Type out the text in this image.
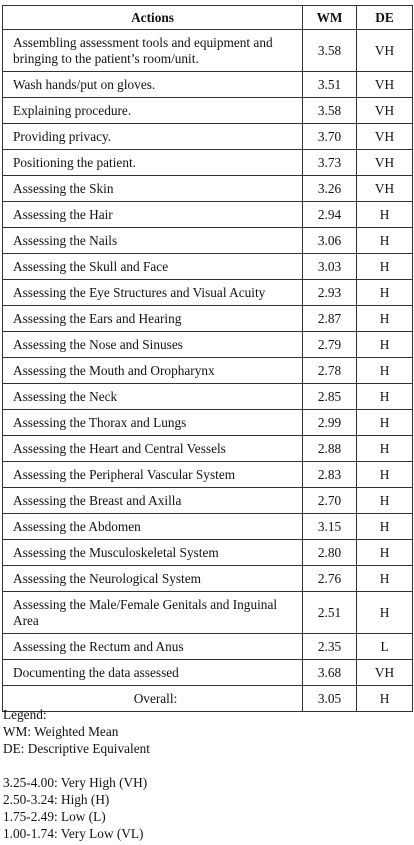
Actions	WM	DE
Assembling assessment tools and equipment and bringing to the patient’s room/unit.	3.58	VH
Wash hands/put on gloves.	3.51	VH
Explaining procedure.	3.58	VH
Providing privacy.	3.70	VH
Positioning the patient.	3.73	VH
Assessing the Skin	3.26	VH
Assessing the Hair	2.94	H
Assessing the Nails	3.06	H
Assessing the Skull and Face	3.03	H
Assessing the Eye Structures and Visual Acuity	2.93	H
Assessing the Ears and Hearing	2.87	H
Assessing the Nose and Sinuses	2.79	H
Assessing the Mouth and Oropharynx	2.78	H
Assessing the Neck	2.85	H
Assessing the Thorax and Lungs	2.99	H
Assessing the Heart and Central Vessels	2.88	H
Assessing the Peripheral Vascular System	2.83	H
Assessing the Breast and Axilla	2.70	H
Assessing the Abdomen	3.15	H
Assessing the Musculoskeletal System	2.80	H
Assessing the Neurological System	2.76	H
Assessing the Male/Female Genitals and Inguinal Area	2.51	H
Assessing the Rectum and Anus	2.35	L
Documenting the data assessed	3.68	VH
Overall:	3.05	H
Legend:
WM: Weighted Mean
DE: Descriptive Equivalent
3.25-4.00: Very High (VH)
2.50-3.24: High (H)
1.75-2.49: Low (L)
1.00-1.74: Very Low (VL)
